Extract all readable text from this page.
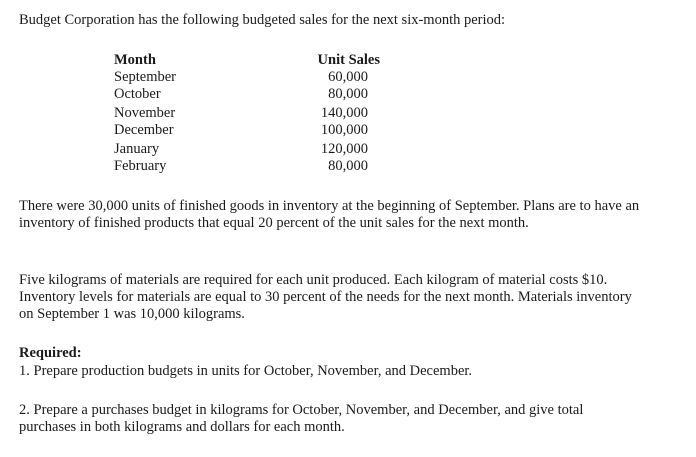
Budget Corporation has the following budgeted sales for the next six-month period:

Month	Unit Sales
September	60,000
October	80,000
November	140,000
December	100,000
January	120,000
February	80,000

There were 30,000 units of finished goods in inventory at the beginning of September. Plans are to have an inventory of finished products that equal 20 percent of the unit sales for the next month.

Five kilograms of materials are required for each unit produced. Each kilogram of material costs $10. Inventory levels for materials are equal to 30 percent of the needs for the next month. Materials inventory on September 1 was 10,000 kilograms.

Required:

1. Prepare production budgets in units for October, November, and December.

2. Prepare a purchases budget in kilograms for October, November, and December, and give total purchases in both kilograms and dollars for each month.
